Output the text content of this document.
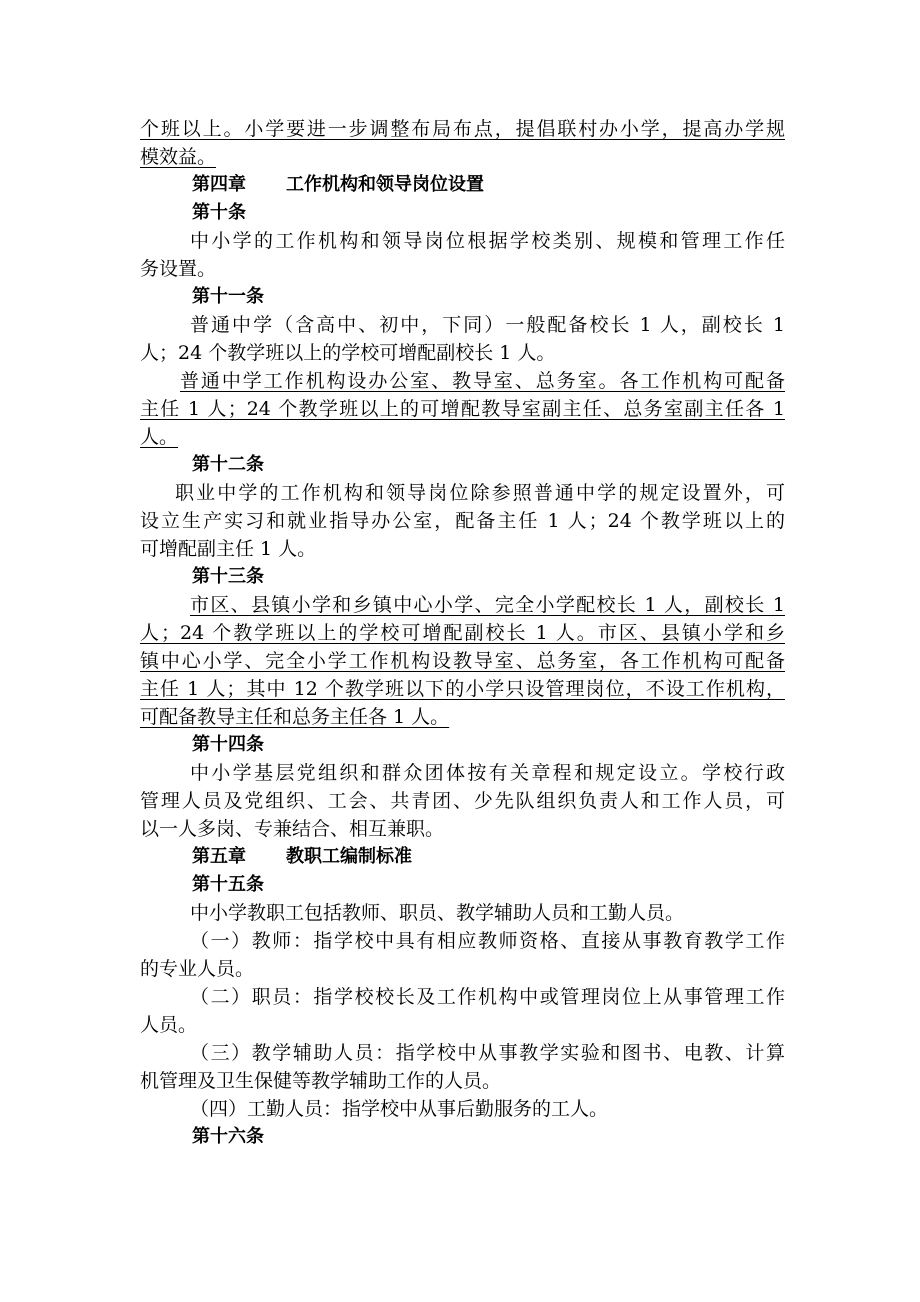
个班以上。小学要进一步调整布局布点，提倡联村办小学，提高办学规
模效益。
第四章 工作机构和领导岗位设置
第十条
中小学的工作机构和领导岗位根据学校类别、规模和管理工作任
务设置。
第十一条
普通中学（含高中、初中，下同）一般配备校长 1 人，副校长 1
人；24 个教学班以上的学校可增配副校长 1 人。
普通中学工作机构设办公室、教导室、总务室。各工作机构可配备
主任 1 人；24 个教学班以上的可增配教导室副主任、总务室副主任各 1
人。
第十二条
职业中学的工作机构和领导岗位除参照普通中学的规定设置外，可
设立生产实习和就业指导办公室，配备主任 1 人；24 个教学班以上的
可增配副主任 1 人。
第十三条
市区、县镇小学和乡镇中心小学、完全小学配校长 1 人，副校长 1
人；24 个教学班以上的学校可增配副校长 1 人。市区、县镇小学和乡
镇中心小学、完全小学工作机构设教导室、总务室，各工作机构可配备
主任 1 人；其中 12 个教学班以下的小学只设管理岗位，不设工作机构，
可配备教导主任和总务主任各 1 人。
第十四条
中小学基层党组织和群众团体按有关章程和规定设立。学校行政
管理人员及党组织、工会、共青团、少先队组织负责人和工作人员，可
以一人多岗、专兼结合、相互兼职。
第五章 教职工编制标准
第十五条
中小学教职工包括教师、职员、教学辅助人员和工勤人员。
（一）教师：指学校中具有相应教师资格、直接从事教育教学工作
的专业人员。
（二）职员：指学校校长及工作机构中或管理岗位上从事管理工作
人员。
（三）教学辅助人员：指学校中从事教学实验和图书、电教、计算
机管理及卫生保健等教学辅助工作的人员。
（四）工勤人员：指学校中从事后勤服务的工人。
第十六条
